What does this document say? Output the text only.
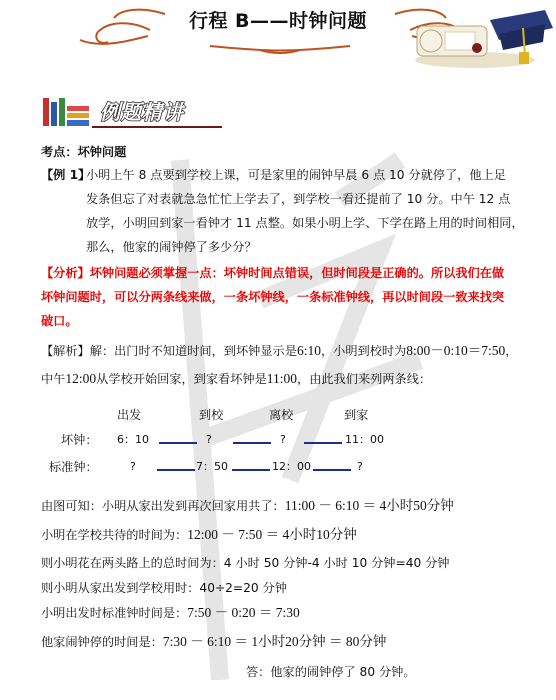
行程 B——时钟问题
例题精讲
考点：坏钟问题
【例 1】
小明上午 8 点要到学校上课，可是家里的闹钟早晨 6 点 10 分就停了，他上足
发条但忘了对表就急急忙忙上学去了，到学校一看还提前了 10 分。中午 12 点
放学，小明回到家一看钟才 11 点整。如果小明上学、下学在路上用的时间相同，
那么，他家的闹钟停了多少分？
【分析】坏钟问题必须掌握一点：坏钟时间点错误，但时间段是正确的。所以我们在做
坏钟问题时，可以分两条线来做，一条坏钟线，一条标准钟线，再以时间段一致来找突
破口。
【解析】解：出门时不知道时间，到坏钟显示是6:10，小明到校时为8:00－0:10＝7:50，
中午12:00从学校开始回家，到家看坏钟是11:00，由此我们来列两条线：
出发	到校	离校	到家
坏钟： 6：10	?	?	11：00
标准钟：	?	7：50	12：00	?
由图可知：小明从家出发到再次回家用共了：11:00 － 6:10 ＝ 4小时50分钟
小明在学校共待的时间为：12:00 － 7:50 ＝ 4小时10分钟
则小明花在两头路上的总时间为：4 小时 50 分钟-4 小时 10 分钟=40 分钟
则小明从家出发到学校用时：40÷2=20 分钟
小明出发时标准钟时间是：7:50 － 0:20 ＝ 7:30
他家闹钟停的时间是：7:30 － 6:10 ＝ 1小时20分钟 ＝ 80分钟
答：他家的闹钟停了 80 分钟。
